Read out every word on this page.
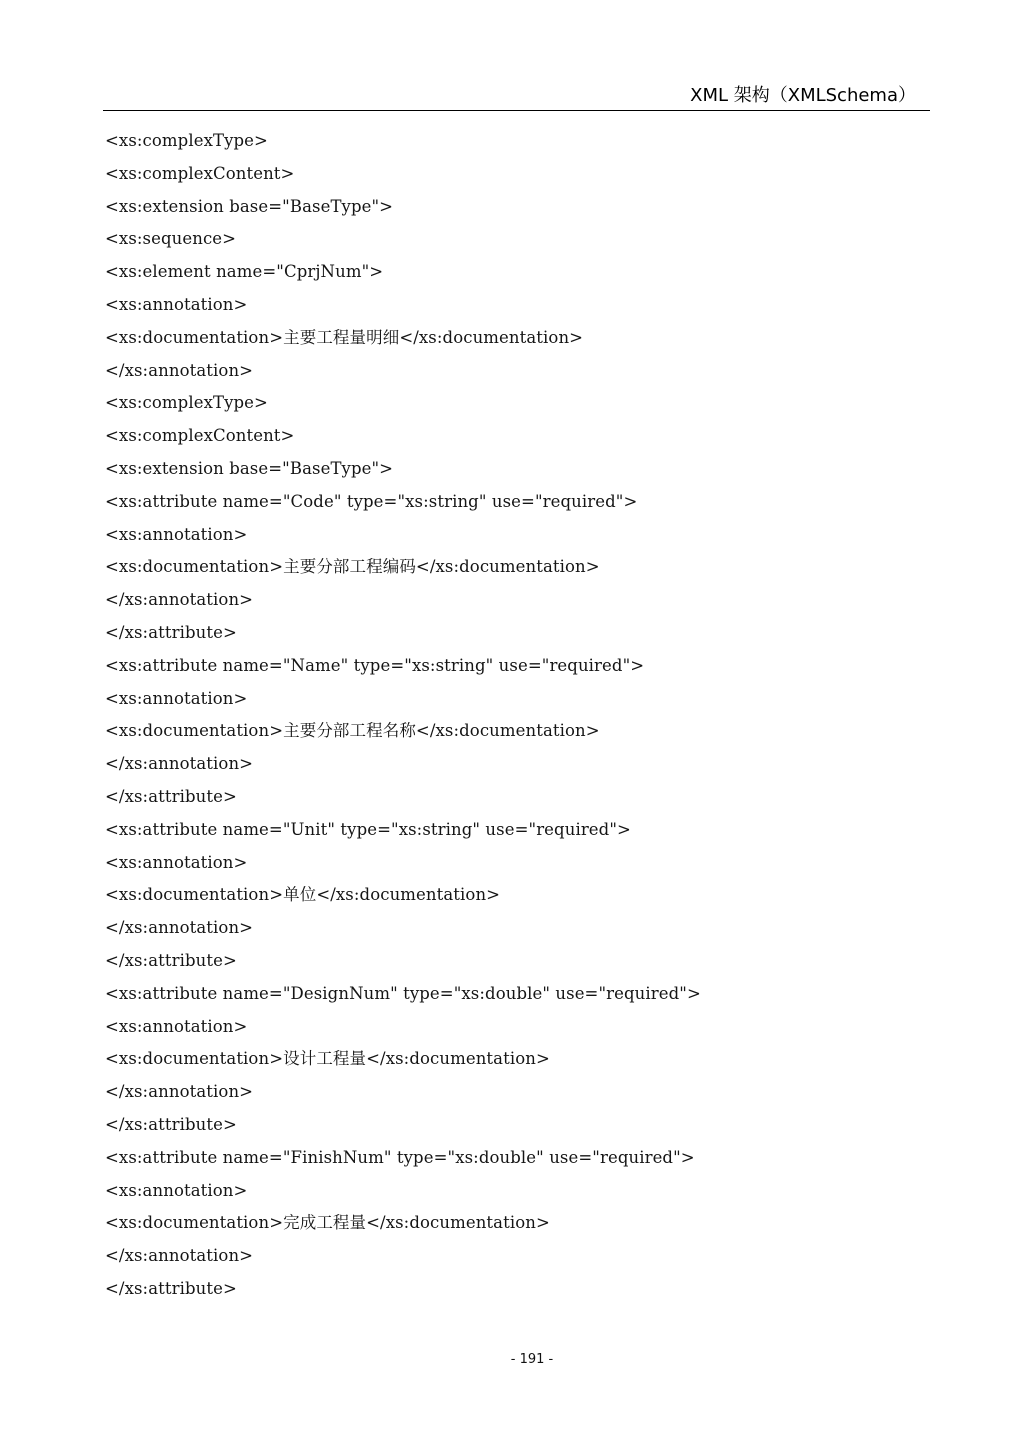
XML 架构（XMLSchema）
<xs:complexType>
<xs:complexContent>
<xs:extension base="BaseType">
<xs:sequence>
<xs:element name="CprjNum">
<xs:annotation>
<xs:documentation>主要工程量明细</xs:documentation>
</xs:annotation>
<xs:complexType>
<xs:complexContent>
<xs:extension base="BaseType">
<xs:attribute name="Code" type="xs:string" use="required">
<xs:annotation>
<xs:documentation>主要分部工程编码</xs:documentation>
</xs:annotation>
</xs:attribute>
<xs:attribute name="Name" type="xs:string" use="required">
<xs:annotation>
<xs:documentation>主要分部工程名称</xs:documentation>
</xs:annotation>
</xs:attribute>
<xs:attribute name="Unit" type="xs:string" use="required">
<xs:annotation>
<xs:documentation>单位</xs:documentation>
</xs:annotation>
</xs:attribute>
<xs:attribute name="DesignNum" type="xs:double" use="required">
<xs:annotation>
<xs:documentation>设计工程量</xs:documentation>
</xs:annotation>
</xs:attribute>
<xs:attribute name="FinishNum" type="xs:double" use="required">
<xs:annotation>
<xs:documentation>完成工程量</xs:documentation>
</xs:annotation>
</xs:attribute>
- 191 -
